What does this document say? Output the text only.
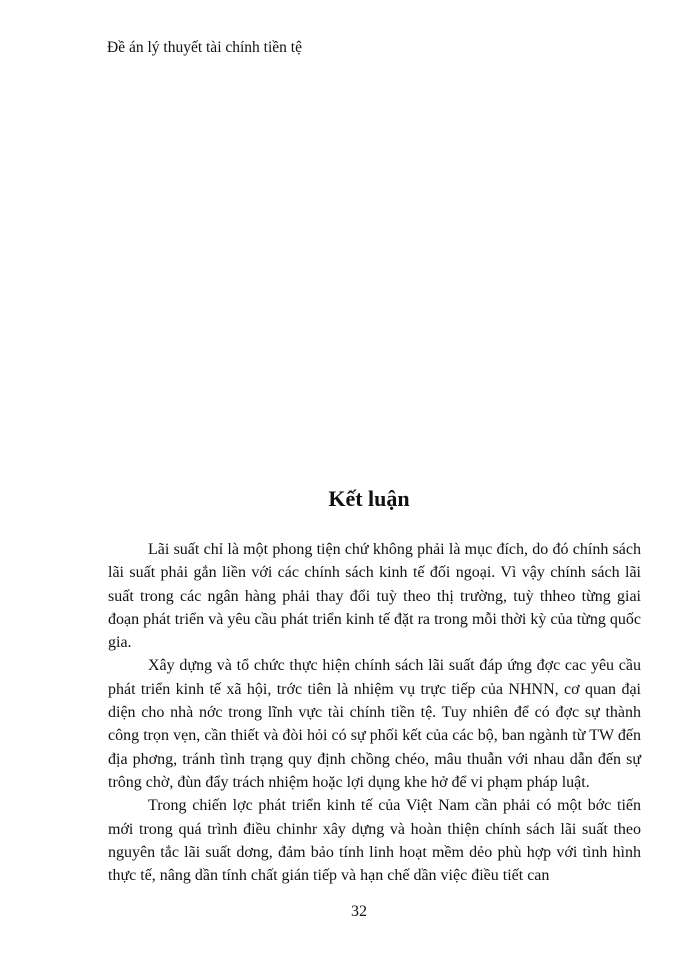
Đề án lý thuyết tài chính tiền tệ
Kết luận

Lãi suất chỉ là một phong tiện chứ không phải là mục đích, do đó chính sách lãi suất phải gắn liền với các chính sách kinh tế đối ngoại. Vì vậy chính sách lãi suất trong các ngân hàng phải thay đổi tuỳ theo thị trường, tuỳ thheo từng giai đoạn phát triển và yêu cầu phát triển kinh tế đặt ra trong mỗi thời kỳ của từng quốc gia.

Xây dựng và tổ chức thực hiện chính sách lãi suất đáp ứng đợc cac yêu cầu phát triển kinh tế xã hội, trớc tiên là nhiệm vụ trực tiếp của NHNN, cơ quan đại diện cho nhà nớc trong lĩnh vực tài chính tiền tệ. Tuy nhiên để có đợc sự thành công trọn vẹn, cần thiết và đòi hỏi có sự phối kết của các bộ, ban ngành từ TW đến địa phơng, tránh tình trạng quy định chồng chéo, mâu thuẫn với nhau dẫn đến sự trông chờ, đùn đẩy trách nhiệm hoặc lợi dụng khe hở để vi phạm pháp luật.

Trong chiến lợc phát triển kinh tế của Việt Nam cần phải có một bớc tiến mới trong quá trình điều chinhr xây dựng và hoàn thiện chính sách lãi suất theo nguyên tắc lãi suất dơng, đảm bảo tính linh hoạt mềm dẻo phù hợp với tình hình thực tế, nâng dần tính chất gián tiếp và hạn chế dần việc điều tiết can

32
